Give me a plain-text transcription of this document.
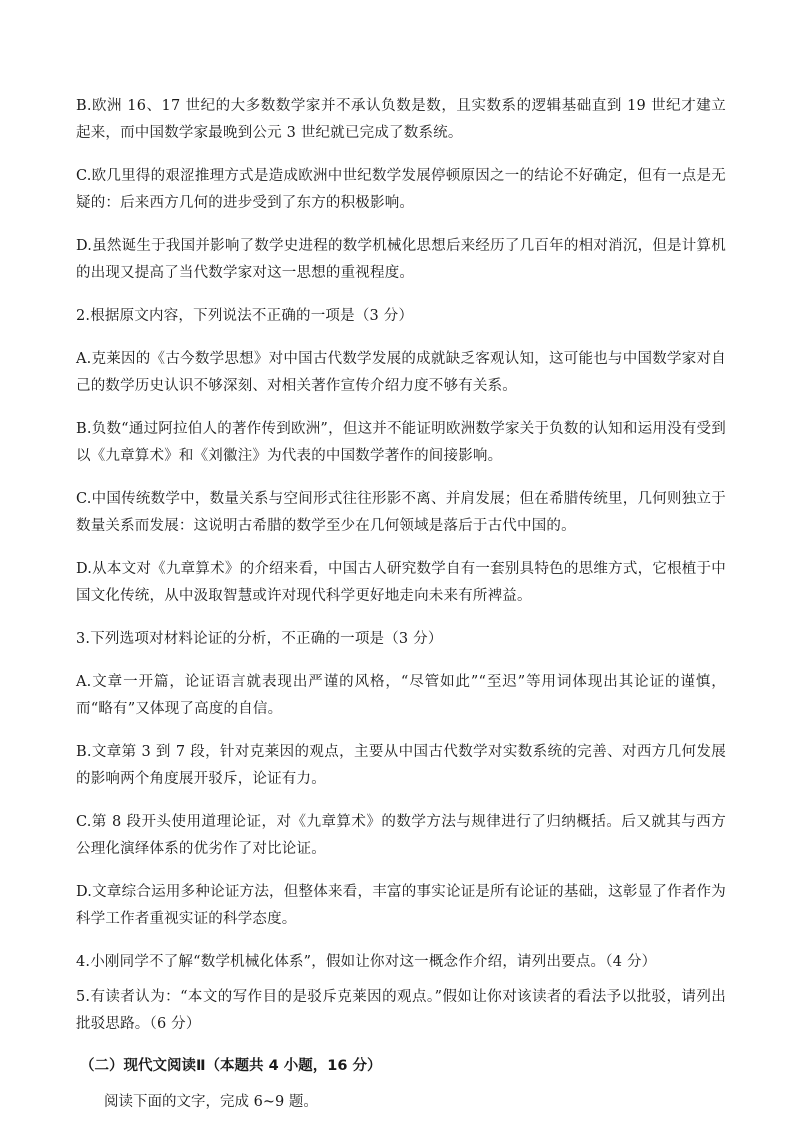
B.欧洲 16、17 世纪的大多数数学家并不承认负数是数，且实数系的逻辑基础直到 19 世纪才建立起来，而中国数学家最晚到公元 3 世纪就已完成了数系统。

C.欧几里得的艰涩推理方式是造成欧洲中世纪数学发展停顿原因之一的结论不好确定，但有一点是无疑的：后来西方几何的进步受到了东方的积极影响。

D.虽然诞生于我国并影响了数学史进程的数学机械化思想后来经历了几百年的相对消沉，但是计算机的出现又提高了当代数学家对这一思想的重视程度。

2.根据原文内容，下列说法不正确的一项是（3 分）

A.克莱因的《古今数学思想》对中国古代数学发展的成就缺乏客观认知，这可能也与中国数学家对自己的数学历史认识不够深刻、对相关著作宣传介绍力度不够有关系。

B.负数“通过阿拉伯人的著作传到欧洲”，但这并不能证明欧洲数学家关于负数的认知和运用没有受到以《九章算术》和《刘徽注》为代表的中国数学著作的间接影响。

C.中国传统数学中，数量关系与空间形式往往形影不离、并肩发展；但在希腊传统里，几何则独立于数量关系而发展：这说明古希腊的数学至少在几何领域是落后于古代中国的。

D.从本文对《九章算术》的介绍来看，中国古人研究数学自有一套别具特色的思维方式，它根植于中国文化传统，从中汲取智慧或许对现代科学更好地走向未来有所裨益。

3.下列选项对材料论证的分析，不正确的一项是（3 分）

A.文章一开篇，论证语言就表现出严谨的风格，“尽管如此”“至迟”等用词体现出其论证的谨慎，而“略有”又体现了高度的自信。

B.文章第 3 到 7 段，针对克莱因的观点，主要从中国古代数学对实数系统的完善、对西方几何发展的影响两个角度展开驳斥，论证有力。

C.第 8 段开头使用道理论证，对《九章算术》的数学方法与规律进行了归纳概括。后又就其与西方公理化演绎体系的优劣作了对比论证。

D.文章综合运用多种论证方法，但整体来看，丰富的事实论证是所有论证的基础，这彰显了作者作为科学工作者重视实证的科学态度。

4.小刚同学不了解“数学机械化体系”，假如让你对这一概念作介绍，请列出要点。（4 分）

5.有读者认为：“本文的写作目的是驳斥克莱因的观点。”假如让你对该读者的看法予以批驳，请列出批驳思路。（6 分）

（二）现代文阅读Ⅱ（本题共 4 小题，16 分）
阅读下面的文字，完成 6~9 题。
